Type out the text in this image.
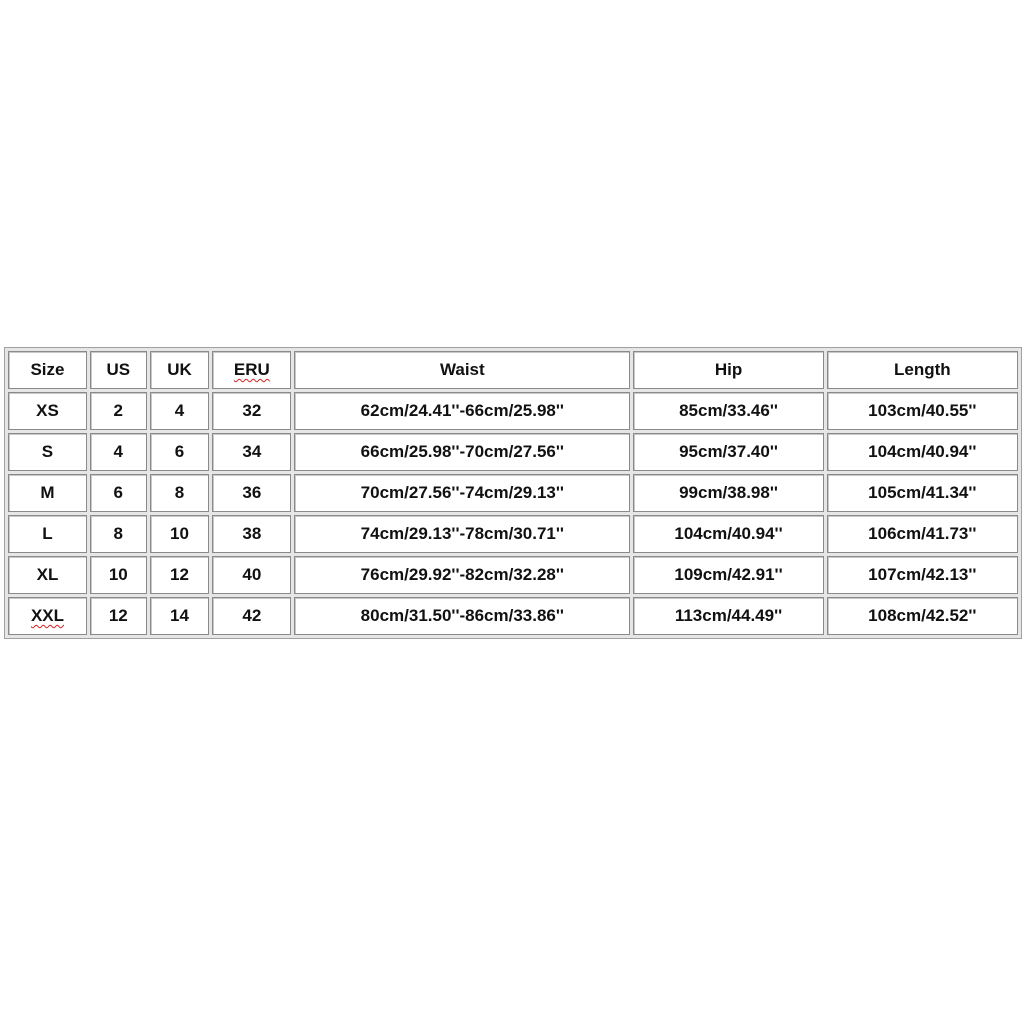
Size	US	UK	ERU	Waist	Hip	Length
XS	2	4	32	62cm/24.41''-66cm/25.98''	85cm/33.46''	103cm/40.55''
S	4	6	34	66cm/25.98''-70cm/27.56''	95cm/37.40''	104cm/40.94''
M	6	8	36	70cm/27.56''-74cm/29.13''	99cm/38.98''	105cm/41.34''
L	8	10	38	74cm/29.13''-78cm/30.71''	104cm/40.94''	106cm/41.73''
XL	10	12	40	76cm/29.92''-82cm/32.28''	109cm/42.91''	107cm/42.13''
XXL	12	14	42	80cm/31.50''-86cm/33.86''	113cm/44.49''	108cm/42.52''
